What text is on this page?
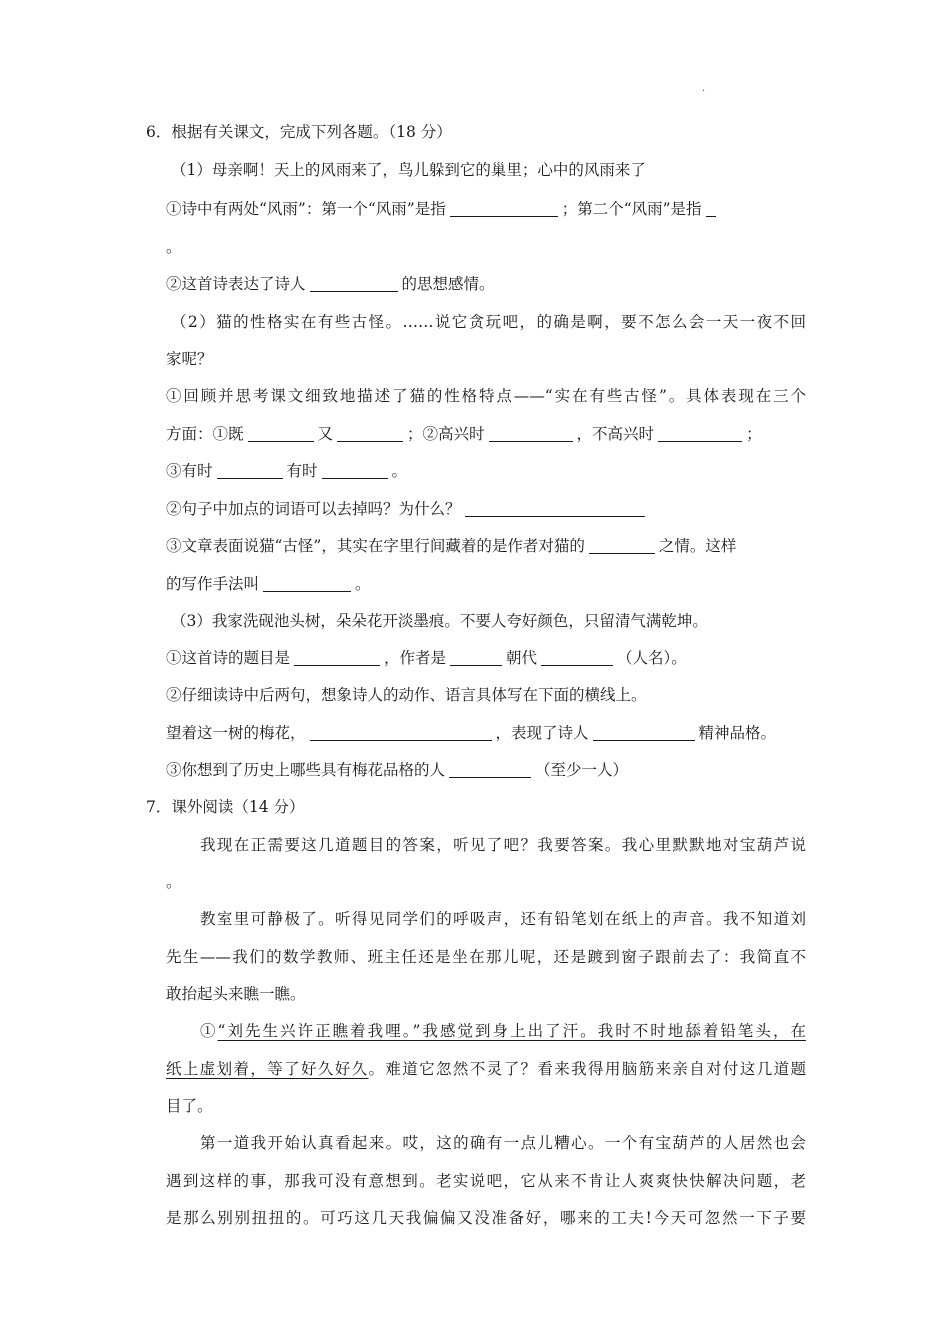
·
6．根据有关课文，完成下列各题。（18 分）
（1）母亲啊！天上的风雨来了，鸟儿躲到它的巢里；心中的风雨来了
①诗中有两处“风雨”：第一个“风雨”是指	；第二个“风雨”是指
。
②这首诗表达了诗人	的思想感情。
（2）猫的性格实在有些古怪。……说它贪玩吧，的确是啊，要不怎么会一天一夜不回
家呢？
①回顾并思考课文细致地描述了猫的性格特点——“实在有些古怪”。具体表现在三个
方面：①既	又	；②高兴时	，不高兴时	；
③有时	有时	。
②句子中加点的词语可以去掉吗？为什么？
③文章表面说猫“古怪”，其实在字里行间藏着的是作者对猫的	之情。这样
的写作手法叫	。
（3）我家洗砚池头树，朵朵花开淡墨痕。不要人夸好颜色，只留清气满乾坤。
①这首诗的题目是	，作者是	朝代	（人名）。
②仔细读诗中后两句，想象诗人的动作、语言具体写在下面的横线上。
望着这一树的梅花，	，表现了诗人	精神品格。
③你想到了历史上哪些具有梅花品格的人	（至少一人）
7．课外阅读（14 分）
我现在正需要这几道题目的答案，听见了吧？我要答案。我心里默默地对宝葫芦说
。
教室里可静极了。听得见同学们的呼吸声，还有铅笔划在纸上的声音。我不知道刘
先生——我们的数学教师、班主任还是坐在那儿呢，还是踱到窗子跟前去了：我简直不
敢抬起头来瞧一瞧。
①“刘先生兴许正瞧着我哩。”我感觉到身上出了汗。我时不时地舔着铅笔头，在
纸上虚划着，等了好久好久。难道它忽然不灵了？看来我得用脑筋来亲自对付这几道题
目了。
第一道我开始认真看起来。哎，这的确有一点儿糟心。一个有宝葫芦的人居然也会
遇到这样的事，那我可没有意想到。老实说吧，它从来不肯让人爽爽快快解决问题，老
是那么别别扭扭的。可巧这几天我偏偏又没准备好，哪来的工夫!今天可忽然一下子要
